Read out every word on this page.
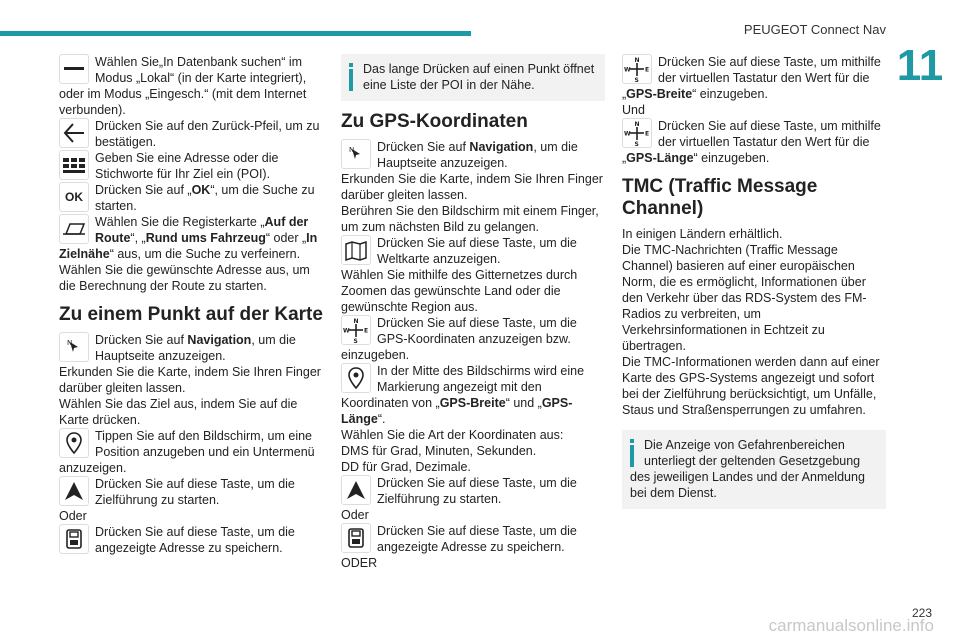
PEUGEOT Connect Nav
11

Wählen Sie„In Datenbank suchen“ im Modus „Lokal“ (in der Karte integriert), oder im Modus „Eingesch.“ (mit dem Internet verbunden).

Drücken Sie auf den Zurück-Pfeil, um zu bestätigen.

Geben Sie eine Adresse oder die Stichworte für Ihr Ziel ein (POI).

OK Drücken Sie auf „OK“, um die Suche zu starten.

Wählen Sie die Registerkarte „Auf der Route“, „Rund ums Fahrzeug“ oder „In Zielnähe“ aus, um die Suche zu verfeinern.

Wählen Sie die gewünschte Adresse aus, um die Berechnung der Route zu starten.

Zu einem Punkt auf der Karte
N	Drücken Sie auf Navigation, um die Hauptseite anzuzeigen.

Erkunden Sie die Karte, indem Sie Ihren Finger darüber gleiten lassen.

Wählen Sie das Ziel aus, indem Sie auf die Karte drücken.

Tippen Sie auf den Bildschirm, um eine Position anzugeben und ein Untermenü anzuzeigen.

Drücken Sie auf diese Taste, um die Zielführung zu starten.

Oder

Drücken Sie auf diese Taste, um die angezeigte Adresse zu speichern.

Das lange Drücken auf einen Punkt öffnet eine Liste der POI in der Nähe.

Zu GPS-Koordinaten
N	Drücken Sie auf Navigation, um die Hauptseite anzuzeigen.

Erkunden Sie die Karte, indem Sie Ihren Finger darüber gleiten lassen.

Berühren Sie den Bildschirm mit einem Finger, um zum nächsten Bild zu gelangen.

Drücken Sie auf diese Taste, um die Weltkarte anzuzeigen.

Wählen Sie mithilfe des Gitternetzes durch Zoomen das gewünschte Land oder die gewünschte Region aus.

N
S
W E

Drücken Sie auf diese Taste, um die GPS-Koordinaten anzuzeigen bzw. einzugeben.

In der Mitte des Bildschirms wird eine Markierung angezeigt mit den Koordinaten von „GPS-Breite“ und „GPS-Länge“.

Wählen Sie die Art der Koordinaten aus:

DMS für Grad, Minuten, Sekunden.

DD für Grad, Dezimale.

Drücken Sie auf diese Taste, um die Zielführung zu starten.

Oder

Drücken Sie auf diese Taste, um die angezeigte Adresse zu speichern.

ODER

N
S
W E

Drücken Sie auf diese Taste, um mithilfe der virtuellen Tastatur den Wert für die „GPS-Breite“ einzugeben.

Und

N
S
W E

Drücken Sie auf diese Taste, um mithilfe der virtuellen Tastatur den Wert für die „GPS-Länge“ einzugeben.

TMC (Traffic Message Channel)

In einigen Ländern erhältlich.

Die TMC-Nachrichten (Traffic Message Channel) basieren auf einer europäischen Norm, die es ermöglicht, Informationen über den Verkehr über das RDS-System des FM-Radios zu verbreiten, um Verkehrsinformationen in Echtzeit zu übertragen.

Die TMC-Informationen werden dann auf einer Karte des GPS-Systems angezeigt und sofort bei der Zielführung berücksichtigt, um Unfälle, Staus und Straßensperrungen zu umfahren.

Die Anzeige von Gefahrenbereichen unterliegt der geltenden Gesetzgebung des jeweiligen Landes und der Anmeldung bei dem Dienst.

223
carmanualsonline.info
